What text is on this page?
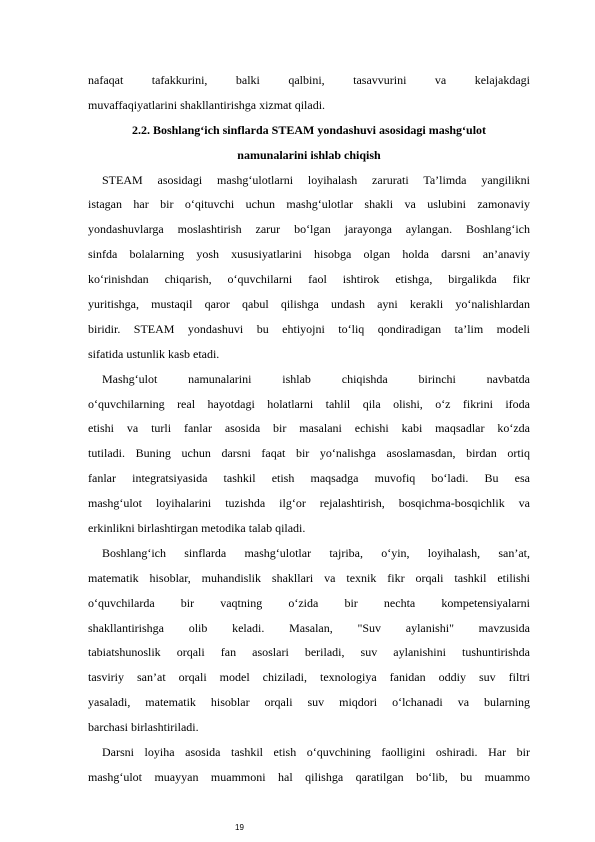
nafaqat tafakkurini, balki qalbini, tasavvurini va kelajakdagi
muvaffaqiyatlarini shakllantirishga xizmat qiladi.
2.2. Boshlang‘ich sinflarda STEAM yondashuvi asosidagi mashg‘ulot
namunalarini ishlab chiqish
STEAM asosidagi mashg‘ulotlarni loyihalash zarurati Ta’limda yangilikni
istagan har bir o‘qituvchi uchun mashg‘ulotlar shakli va uslubini zamonaviy
yondashuvlarga moslashtirish zarur bo‘lgan jarayonga aylangan. Boshlang‘ich
sinfda bolalarning yosh xususiyatlarini hisobga olgan holda darsni an’anaviy
ko‘rinishdan chiqarish, o‘quvchilarni faol ishtirok etishga, birgalikda fikr
yuritishga, mustaqil qaror qabul qilishga undash ayni kerakli yo‘nalishlardan
biridir. STEAM yondashuvi bu ehtiyojni to‘liq qondiradigan ta’lim modeli
sifatida ustunlik kasb etadi.
Mashg‘ulot namunalarini ishlab chiqishda birinchi navbatda
o‘quvchilarning real hayotdagi holatlarni tahlil qila olishi, o‘z fikrini ifoda
etishi va turli fanlar asosida bir masalani echishi kabi maqsadlar ko‘zda
tutiladi. Buning uchun darsni faqat bir yo‘nalishga asoslamasdan, birdan ortiq
fanlar integratsiyasida tashkil etish maqsadga muvofiq bo‘ladi. Bu esa
mashg‘ulot loyihalarini tuzishda ilg‘or rejalashtirish, bosqichma-bosqichlik va
erkinlikni birlashtirgan metodika talab qiladi.
Boshlang‘ich sinflarda mashg‘ulotlar tajriba, o‘yin, loyihalash, san’at,
matematik hisoblar, muhandislik shakllari va texnik fikr orqali tashkil etilishi
o‘quvchilarda bir vaqtning o‘zida bir nechta kompetensiyalarni
shakllantirishga olib keladi. Masalan, "Suv aylanishi" mavzusida
tabiatshunoslik orqali fan asoslari beriladi, suv aylanishini tushuntirishda
tasviriy san’at orqali model chiziladi, texnologiya fanidan oddiy suv filtri
yasaladi, matematik hisoblar orqali suv miqdori o‘lchanadi va bularning
barchasi birlashtiriladi.
Darsni loyiha asosida tashkil etish o‘quvchining faolligini oshiradi. Har bir
mashg‘ulot muayyan muammoni hal qilishga qaratilgan bo‘lib, bu muammo
19
